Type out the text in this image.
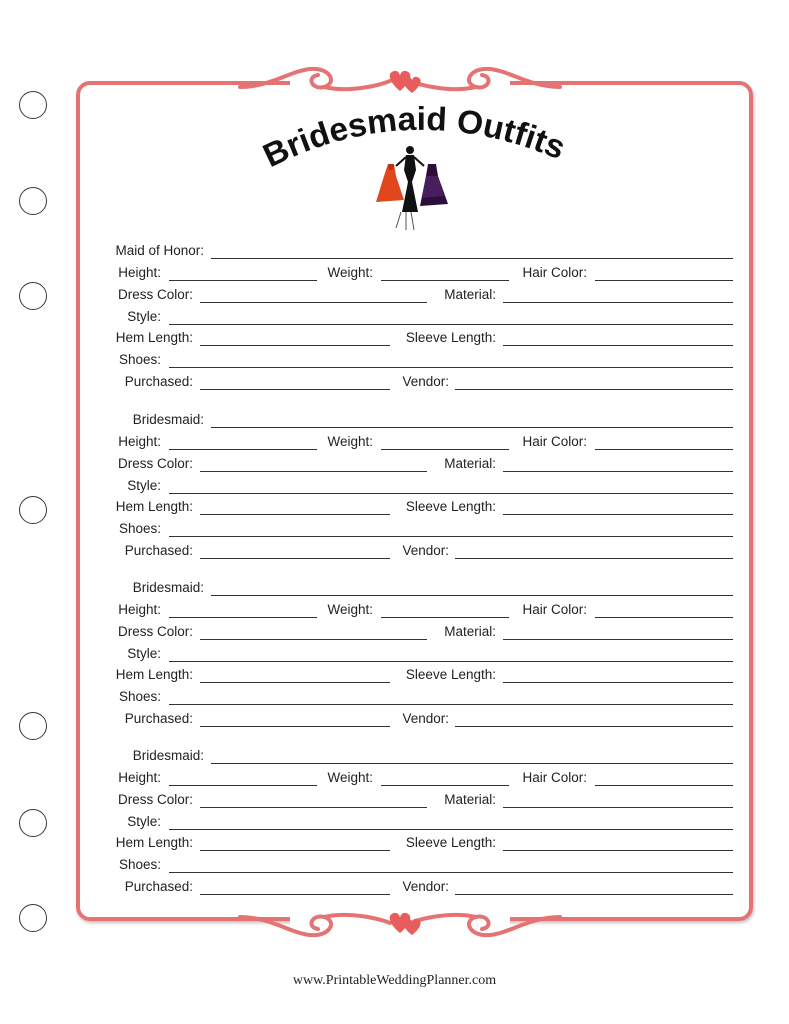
Bridesmaid Outfits
Maid of Honor:
Height:	Weight:	Hair Color:
Dress Color:	Material:
Style:
Hem Length:	Sleeve Length:
Shoes:
Purchased:	Vendor:
Bridesmaid:
Height:	Weight:	Hair Color:
Dress Color:	Material:
Style:
Hem Length:	Sleeve Length:
Shoes:
Purchased:	Vendor:
Bridesmaid:
Height:	Weight:	Hair Color:
Dress Color:	Material:
Style:
Hem Length:	Sleeve Length:
Shoes:
Purchased:	Vendor:
Bridesmaid:
Height:	Weight:	Hair Color:
Dress Color:	Material:
Style:
Hem Length:	Sleeve Length:
Shoes:
Purchased:	Vendor:
www.PrintableWeddingPlanner.com
